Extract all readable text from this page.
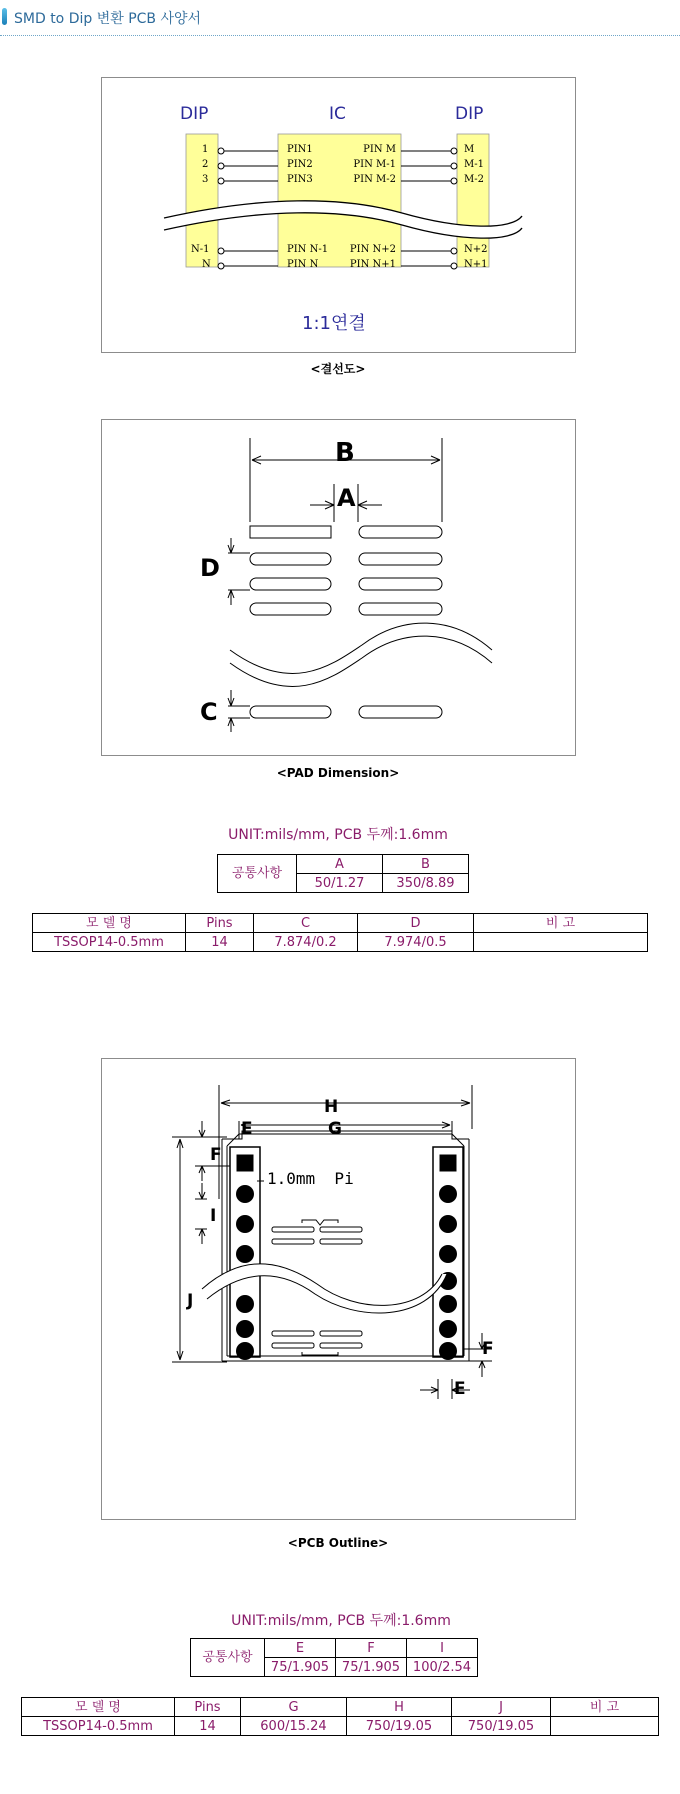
SMD to Dip 변환 PCB 사양서
DIP	IC	DIP
1
2
3
N-1
N
PIN1
PIN2
PIN3
PIN N-1
PIN N
PIN M
PIN M-1
PIN M-2
PIN N+2
PIN N+1
M
M-1
M-2
N+2
N+1
1:1연결
<결선도>
B
A
D
C
<PAD Dimension>
UNIT:mils/mm, PCB 두께:1.6mm
공통사항	A	B
	50/1.27	350/8.89
모 델 명	Pins	C	D	비 고
TSSOP14-0.5mm	14	7.874/0.2	7.974/0.5	
H
E	G
F
I
J
F
E
1.0mm  Pi
<PCB Outline>
UNIT:mils/mm, PCB 두께:1.6mm
공통사항	E	F	I
	75/1.905	75/1.905	100/2.54
모 델 명	Pins	G	H	J	비 고
TSSOP14-0.5mm	14	600/15.24	750/19.05	750/19.05	
